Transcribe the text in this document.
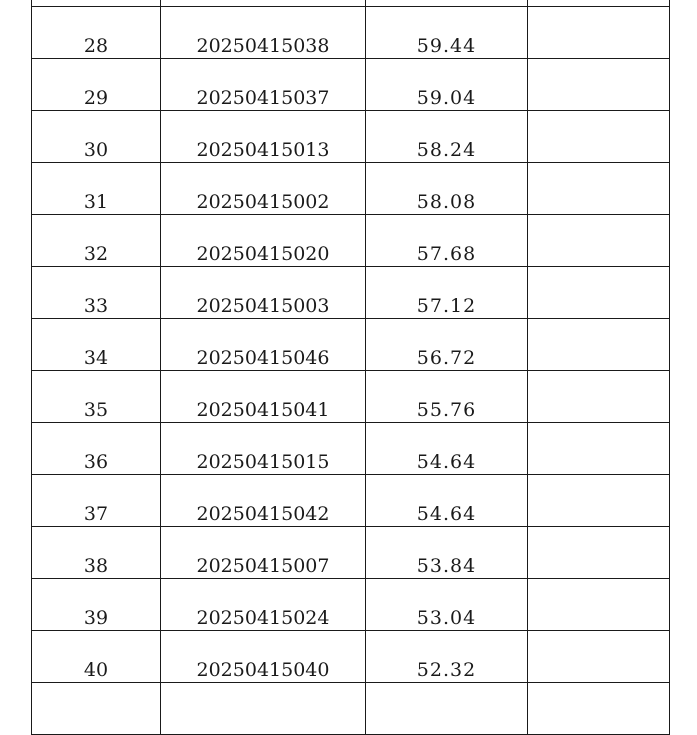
28	20250415038	59.44	
29	20250415037	59.04	
30	20250415013	58.24	
31	20250415002	58.08	
32	20250415020	57.68	
33	20250415003	57.12	
34	20250415046	56.72	
35	20250415041	55.76	
36	20250415015	54.64	
37	20250415042	54.64	
38	20250415007	53.84	
39	20250415024	53.04	
40	20250415040	52.32	
